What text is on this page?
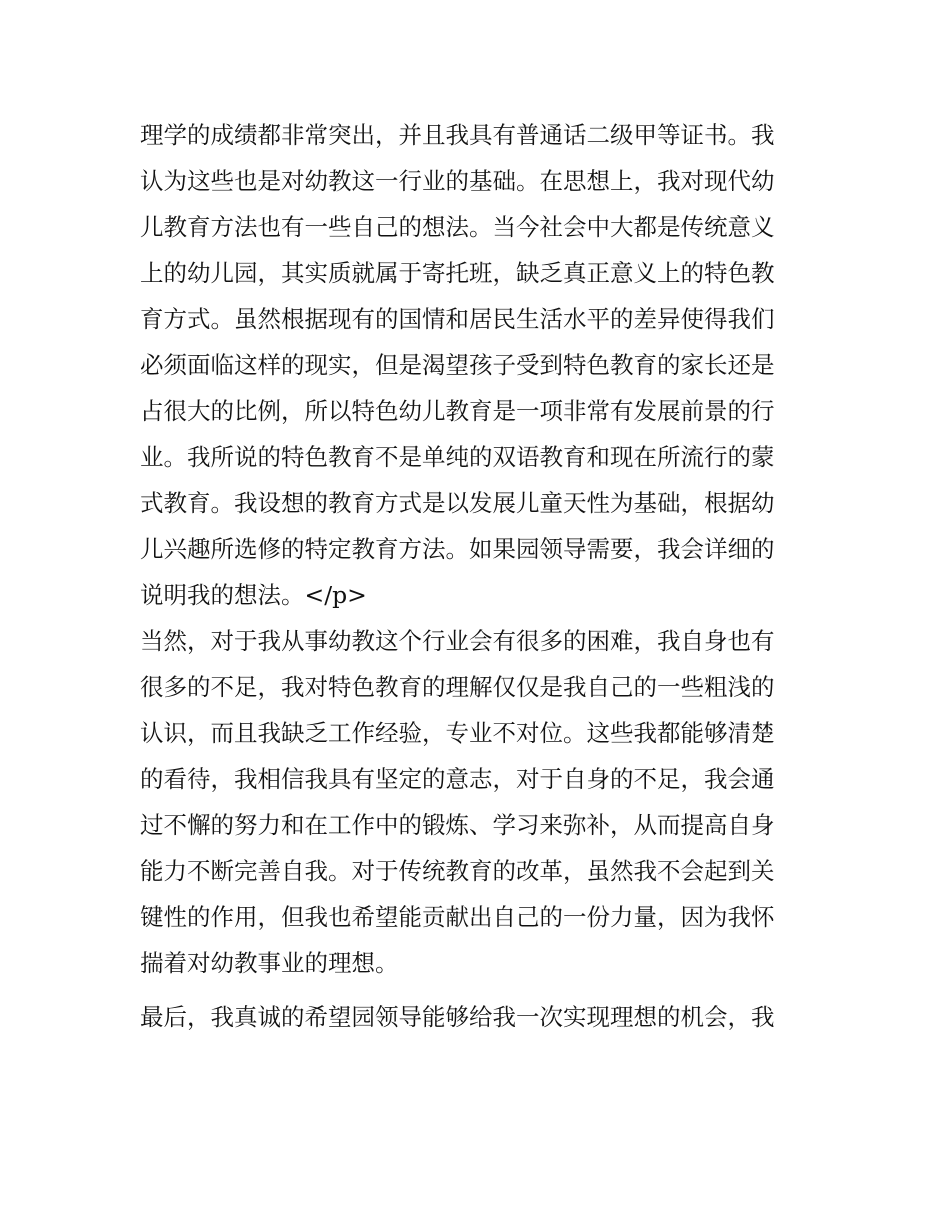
理学的成绩都非常突出，并且我具有普通话二级甲等证书。我
认为这些也是对幼教这一行业的基础。在思想上，我对现代幼
儿教育方法也有一些自己的想法。当今社会中大都是传统意义
上的幼儿园，其实质就属于寄托班，缺乏真正意义上的特色教
育方式。虽然根据现有的国情和居民生活水平的差异使得我们
必须面临这样的现实，但是渴望孩子受到特色教育的家长还是
占很大的比例，所以特色幼儿教育是一项非常有发展前景的行
业。我所说的特色教育不是单纯的双语教育和现在所流行的蒙
式教育。我设想的教育方式是以发展儿童天性为基础，根据幼
儿兴趣所选修的特定教育方法。如果园领导需要，我会详细的
说明我的想法。</p>
当然，对于我从事幼教这个行业会有很多的困难，我自身也有
很多的不足，我对特色教育的理解仅仅是我自己的一些粗浅的
认识，而且我缺乏工作经验，专业不对位。这些我都能够清楚
的看待，我相信我具有坚定的意志，对于自身的不足，我会通
过不懈的努力和在工作中的锻炼、学习来弥补，从而提高自身
能力不断完善自我。对于传统教育的改革，虽然我不会起到关
键性的作用，但我也希望能贡献出自己的一份力量，因为我怀
揣着对幼教事业的理想。
最后，我真诚的希望园领导能够给我一次实现理想的机会，我
